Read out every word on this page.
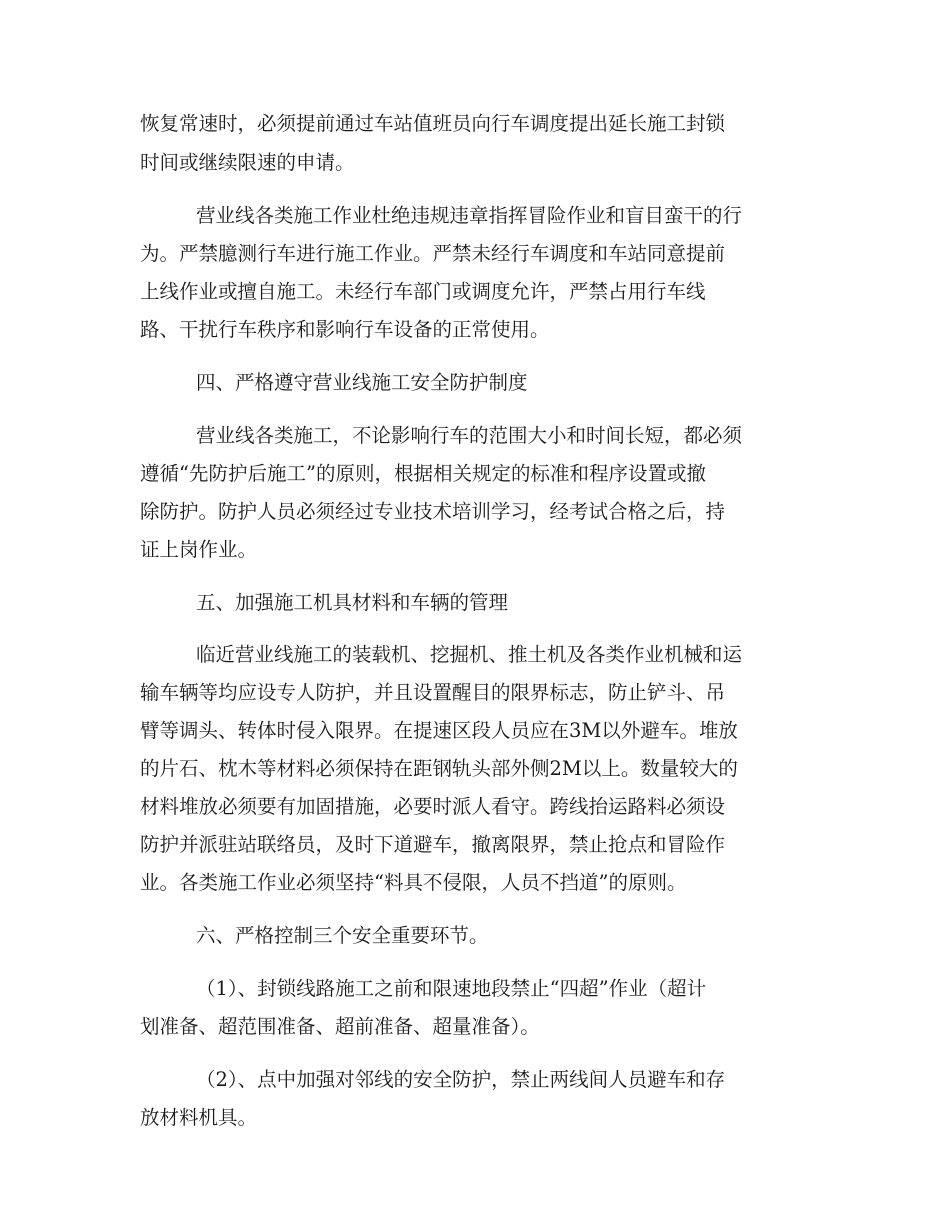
恢复常速时，必须提前通过车站值班员向行车调度提出延长施工封锁
时间或继续限速的申请。
营业线各类施工作业杜绝违规违章指挥冒险作业和盲目蛮干的行
为。严禁臆测行车进行施工作业。严禁未经行车调度和车站同意提前
上线作业或擅自施工。未经行车部门或调度允许，严禁占用行车线
路、干扰行车秩序和影响行车设备的正常使用。
四、严格遵守营业线施工安全防护制度
营业线各类施工，不论影响行车的范围大小和时间长短，都必须
遵循“先防护后施工”的原则，根据相关规定的标准和程序设置或撤
除防护。防护人员必须经过专业技术培训学习，经考试合格之后，持
证上岗作业。
五、加强施工机具材料和车辆的管理
临近营业线施工的装载机、挖掘机、推土机及各类作业机械和运
输车辆等均应设专人防护，并且设置醒目的限界标志，防止铲斗、吊
臂等调头、转体时侵入限界。在提速区段人员应在3M以外避车。堆放
的片石、枕木等材料必须保持在距钢轨头部外侧2M以上。数量较大的
材料堆放必须要有加固措施，必要时派人看守。跨线抬运路料必须设
防护并派驻站联络员，及时下道避车，撤离限界，禁止抢点和冒险作
业。各类施工作业必须坚持“料具不侵限，人员不挡道”的原则。
六、严格控制三个安全重要环节。
（1）、封锁线路施工之前和限速地段禁止“四超”作业（超计
划准备、超范围准备、超前准备、超量准备）。
（2）、点中加强对邻线的安全防护，禁止两线间人员避车和存
放材料机具。
